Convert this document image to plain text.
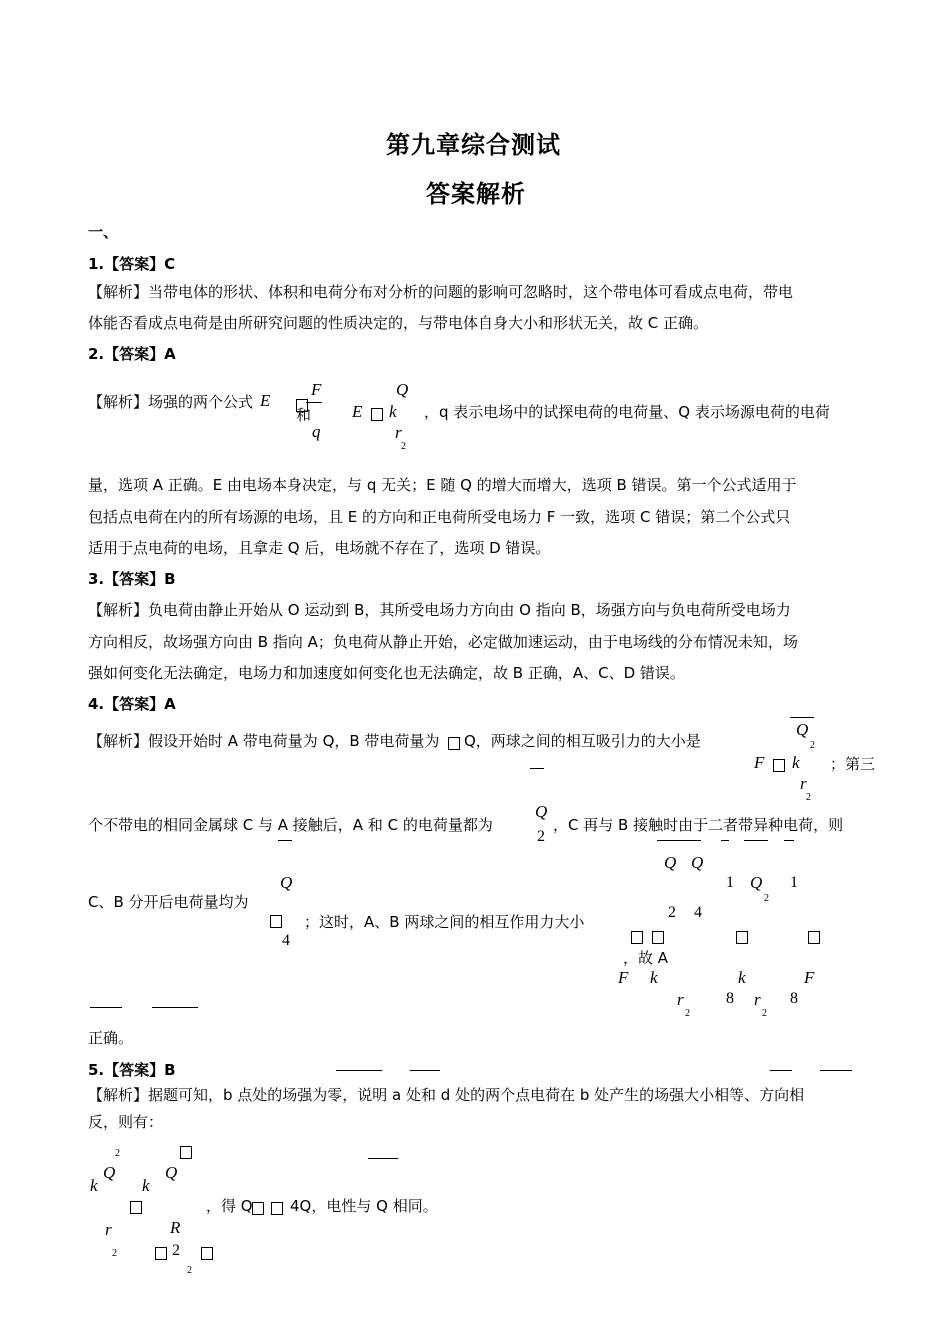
第九章综合测试
答案解析
一、
1.【答案】C
【解析】当带电体的形状、体积和电荷分布对分析的问题的影响可忽略时，这个带电体可看成点电荷，带电
体能否看成点电荷是由所研究问题的性质决定的，与带电体自身大小和形状无关，故 C 正确。
2.【答案】A
【解析】场强的两个公式 E
F
和
q
E
Q
k
r
2
，q 表示电场中的试探电荷的电荷量、Q 表示场源电荷的电荷
量，选项 A 正确。E 由电场本身决定，与 q 无关；E 随 Q 的增大而增大，选项 B 错误。第一个公式适用于
包括点电荷在内的所有场源的电场，且 E 的方向和正电荷所受电场力 F 一致，选项 C 错误；第二个公式只
适用于点电荷的电场，且拿走 Q 后，电场就不存在了，选项 D 错误。
3.【答案】B
【解析】负电荷由静止开始从 O 运动到 B，其所受电场力方向由 O 指向 B，场强方向与负电荷所受电场力
方向相反，故场强方向由 B 指向 A；负电荷从静止开始，必定做加速运动，由于电场线的分布情况未知，场
强如何变化无法确定，电场力和加速度如何变化也无法确定，故 B 正确，A、C、D 错误。
4.【答案】A
【解析】假设开始时 A 带电荷量为 Q，B 带电荷量为 Q，两球之间的相互吸引力的大小是
Q
2
F k ；第三
r
2
个不带电的相同金属球 C 与 A 接触后，A 和 C 的电荷量都为
Q
2
，C 再与 B 接触时由于二者带异种电荷，则
Q Q
C、B 分开后电荷量均为
Q
4
；这时，A、B 两球之间的相互作用力大小
1 Q
2
1
2 4
，故 A
F k	k	F
r	8 r 8
2	2
正确。
5.【答案】B
【解析】据题可知，b 点处的场强为零，说明 a 处和 d 处的两个点电荷在 b 处产生的场强大小相等、方向相
反，则有：
2
Q	Q
k	k
，得 Q 4Q，电性与 Q 相同。
r	R
2	2
2
